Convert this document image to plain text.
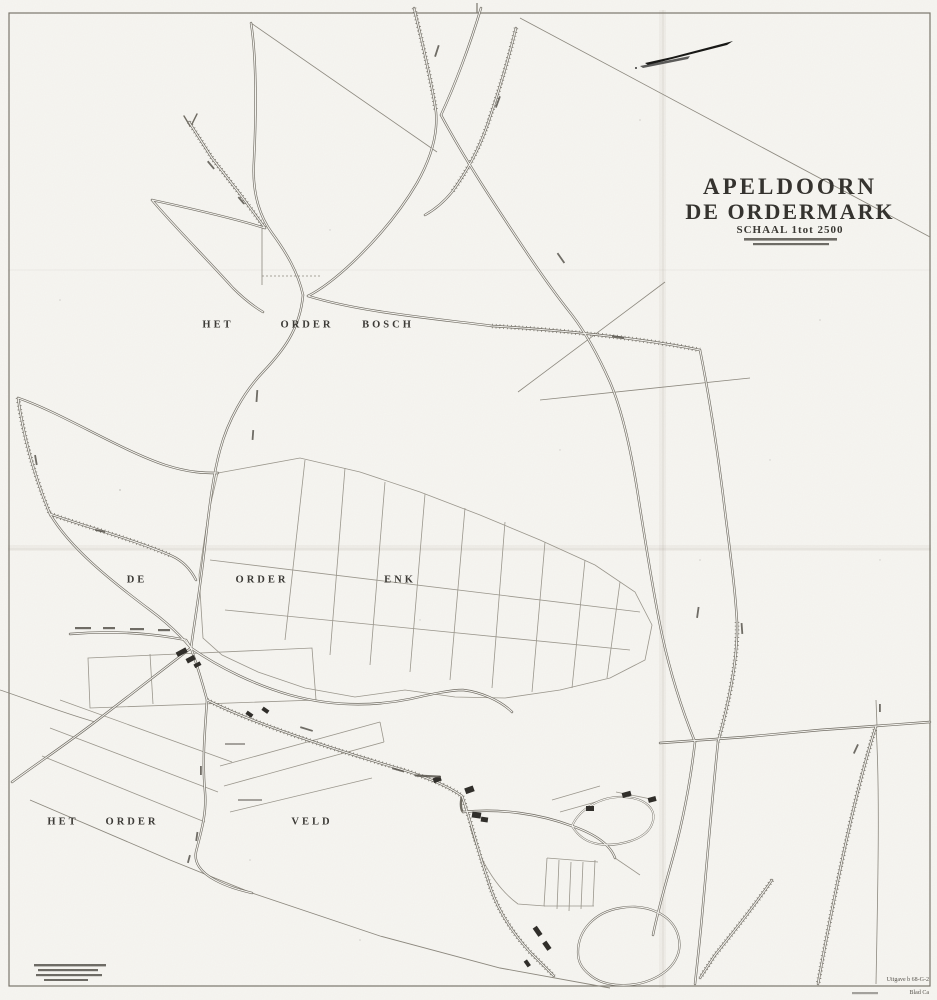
APELDOORN
DE ORDERMARK
SCHAAL 1tot 2500
HET	ORDER	BOSCH
DE	ORDER	ENK
HET	ORDER	VELD
Uitgave b 68-G-2
Blad Ca
